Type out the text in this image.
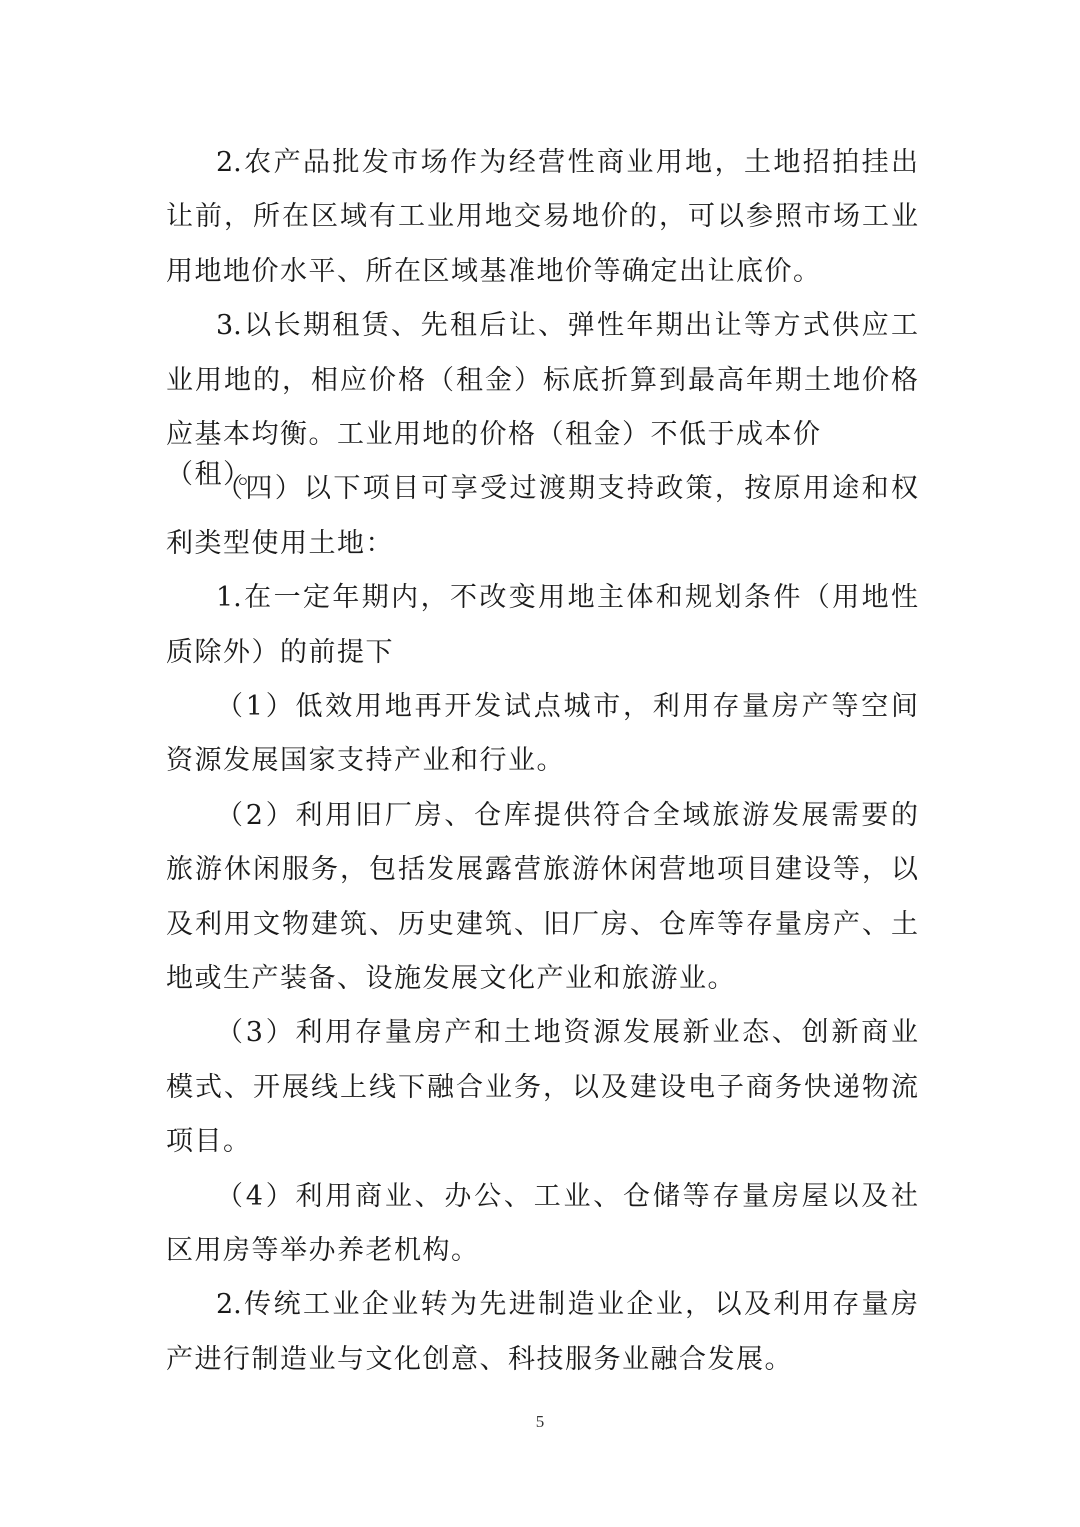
2.农产品批发市场作为经营性商业用地，土地招拍挂出
让前，所在区域有工业用地交易地价的，可以参照市场工业
用地地价水平、所在区域基准地价等确定出让底价。
3.以长期租赁、先租后让、弹性年期出让等方式供应工
业用地的，相应价格（租金）标底折算到最高年期土地价格
应基本均衡。工业用地的价格（租金）不低于成本价（租）。
（四）以下项目可享受过渡期支持政策，按原用途和权
利类型使用土地：
1.在一定年期内，不改变用地主体和规划条件（用地性
质除外）的前提下
（1）低效用地再开发试点城市，利用存量房产等空间
资源发展国家支持产业和行业。
（2）利用旧厂房、仓库提供符合全域旅游发展需要的
旅游休闲服务，包括发展露营旅游休闲营地项目建设等，以
及利用文物建筑、历史建筑、旧厂房、仓库等存量房产、土
地或生产装备、设施发展文化产业和旅游业。
（3）利用存量房产和土地资源发展新业态、创新商业
模式、开展线上线下融合业务，以及建设电子商务快递物流
项目。
（4）利用商业、办公、工业、仓储等存量房屋以及社
区用房等举办养老机构。
2.传统工业企业转为先进制造业企业，以及利用存量房
产进行制造业与文化创意、科技服务业融合发展。
5
